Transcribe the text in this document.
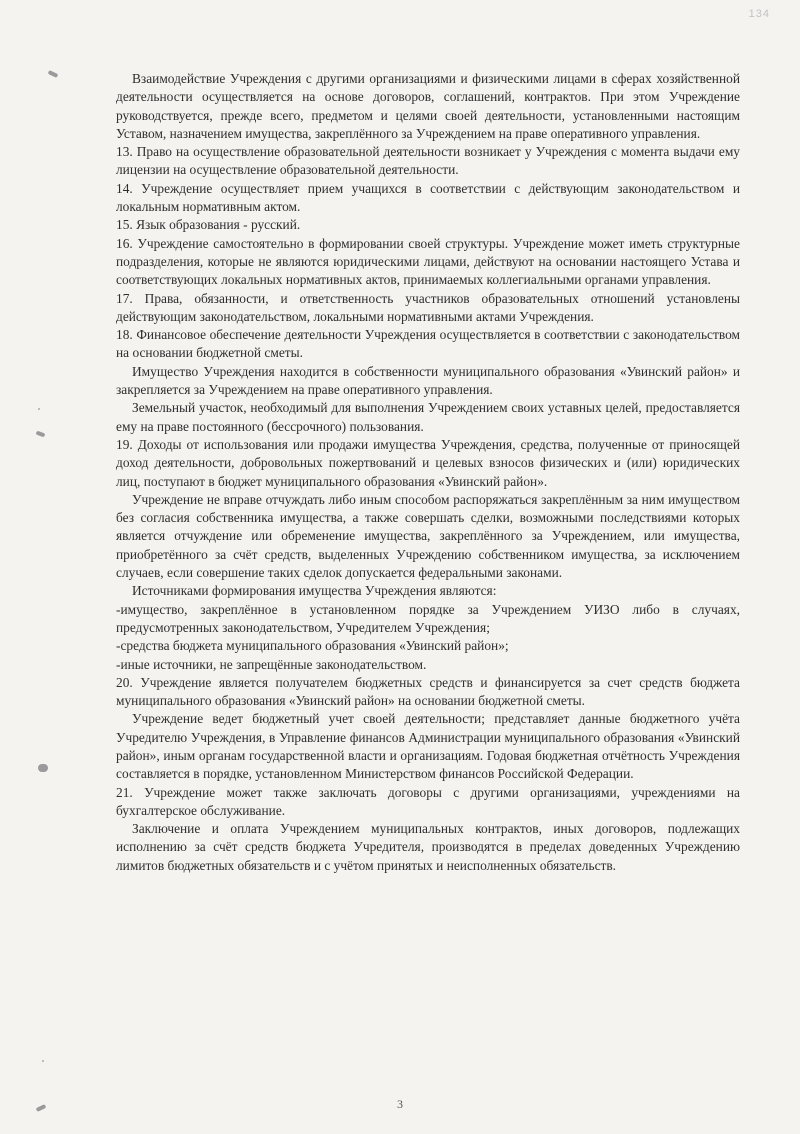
134

Взаимодействие Учреждения с другими организациями и физическими лицами в сферах хозяйственной деятельности осуществляется на основе договоров, соглашений, контрактов. При этом Учреждение руководствуется, прежде всего, предметом и целями своей деятельности, установленными настоящим Уставом, назначением имущества, закреплённого за Учреждением на праве оперативного управления.

13. Право на осуществление образовательной деятельности возникает у Учреждения с момента выдачи ему лицензии на осуществление образовательной деятельности.

14. Учреждение осуществляет прием учащихся в соответствии с действующим законодательством и локальным нормативным актом.

15. Язык образования - русский.

16. Учреждение самостоятельно в формировании своей структуры. Учреждение может иметь структурные подразделения, которые не являются юридическими лицами, действуют на основании настоящего Устава и соответствующих локальных нормативных актов, принимаемых коллегиальными органами управления.

17. Права, обязанности, и ответственность участников образовательных отношений установлены действующим законодательством, локальными нормативными актами Учреждения.

18. Финансовое обеспечение деятельности Учреждения осуществляется в соответствии с законодательством на основании бюджетной сметы.

Имущество Учреждения находится в собственности муниципального образования «Увинский район» и закрепляется за Учреждением на праве оперативного управления.

Земельный участок, необходимый для выполнения Учреждением своих уставных целей, предоставляется ему на праве постоянного (бессрочного) пользования.

19. Доходы от использования или продажи имущества Учреждения, средства, полученные от приносящей доход деятельности, добровольных пожертвований и целевых взносов физических и (или) юридических лиц, поступают в бюджет муниципального образования «Увинский район».

Учреждение не вправе отчуждать либо иным способом распоряжаться закреплённым за ним имуществом без согласия собственника имущества, а также совершать сделки, возможными последствиями которых является отчуждение или обременение имущества, закреплённого за Учреждением, или имущества, приобретённого за счёт средств, выделенных Учреждению собственником имущества, за исключением случаев, если совершение таких сделок допускается федеральными законами.

Источниками формирования имущества Учреждения являются:

-имущество, закреплённое в установленном порядке за Учреждением УИЗО либо в случаях, предусмотренных законодательством, Учредителем Учреждения;

-средства бюджета муниципального образования «Увинский район»;

-иные источники, не запрещённые законодательством.

20. Учреждение является получателем бюджетных средств и финансируется за счет средств бюджета муниципального образования «Увинский район» на основании бюджетной сметы.

Учреждение ведет бюджетный учет своей деятельности; представляет данные бюджетного учёта Учредителю Учреждения, в Управление финансов Администрации муниципального образования «Увинский район», иным органам государственной власти и организациям. Годовая бюджетная отчётность Учреждения составляется в порядке, установленном Министерством финансов Российской Федерации.

21. Учреждение может также заключать договоры с другими организациями, учреждениями на бухгалтерское обслуживание.

Заключение и оплата Учреждением муниципальных контрактов, иных договоров, подлежащих исполнению за счёт средств бюджета Учредителя, производятся в пределах доведенных Учреждению лимитов бюджетных обязательств и с учётом принятых и неисполненных обязательств.

3
